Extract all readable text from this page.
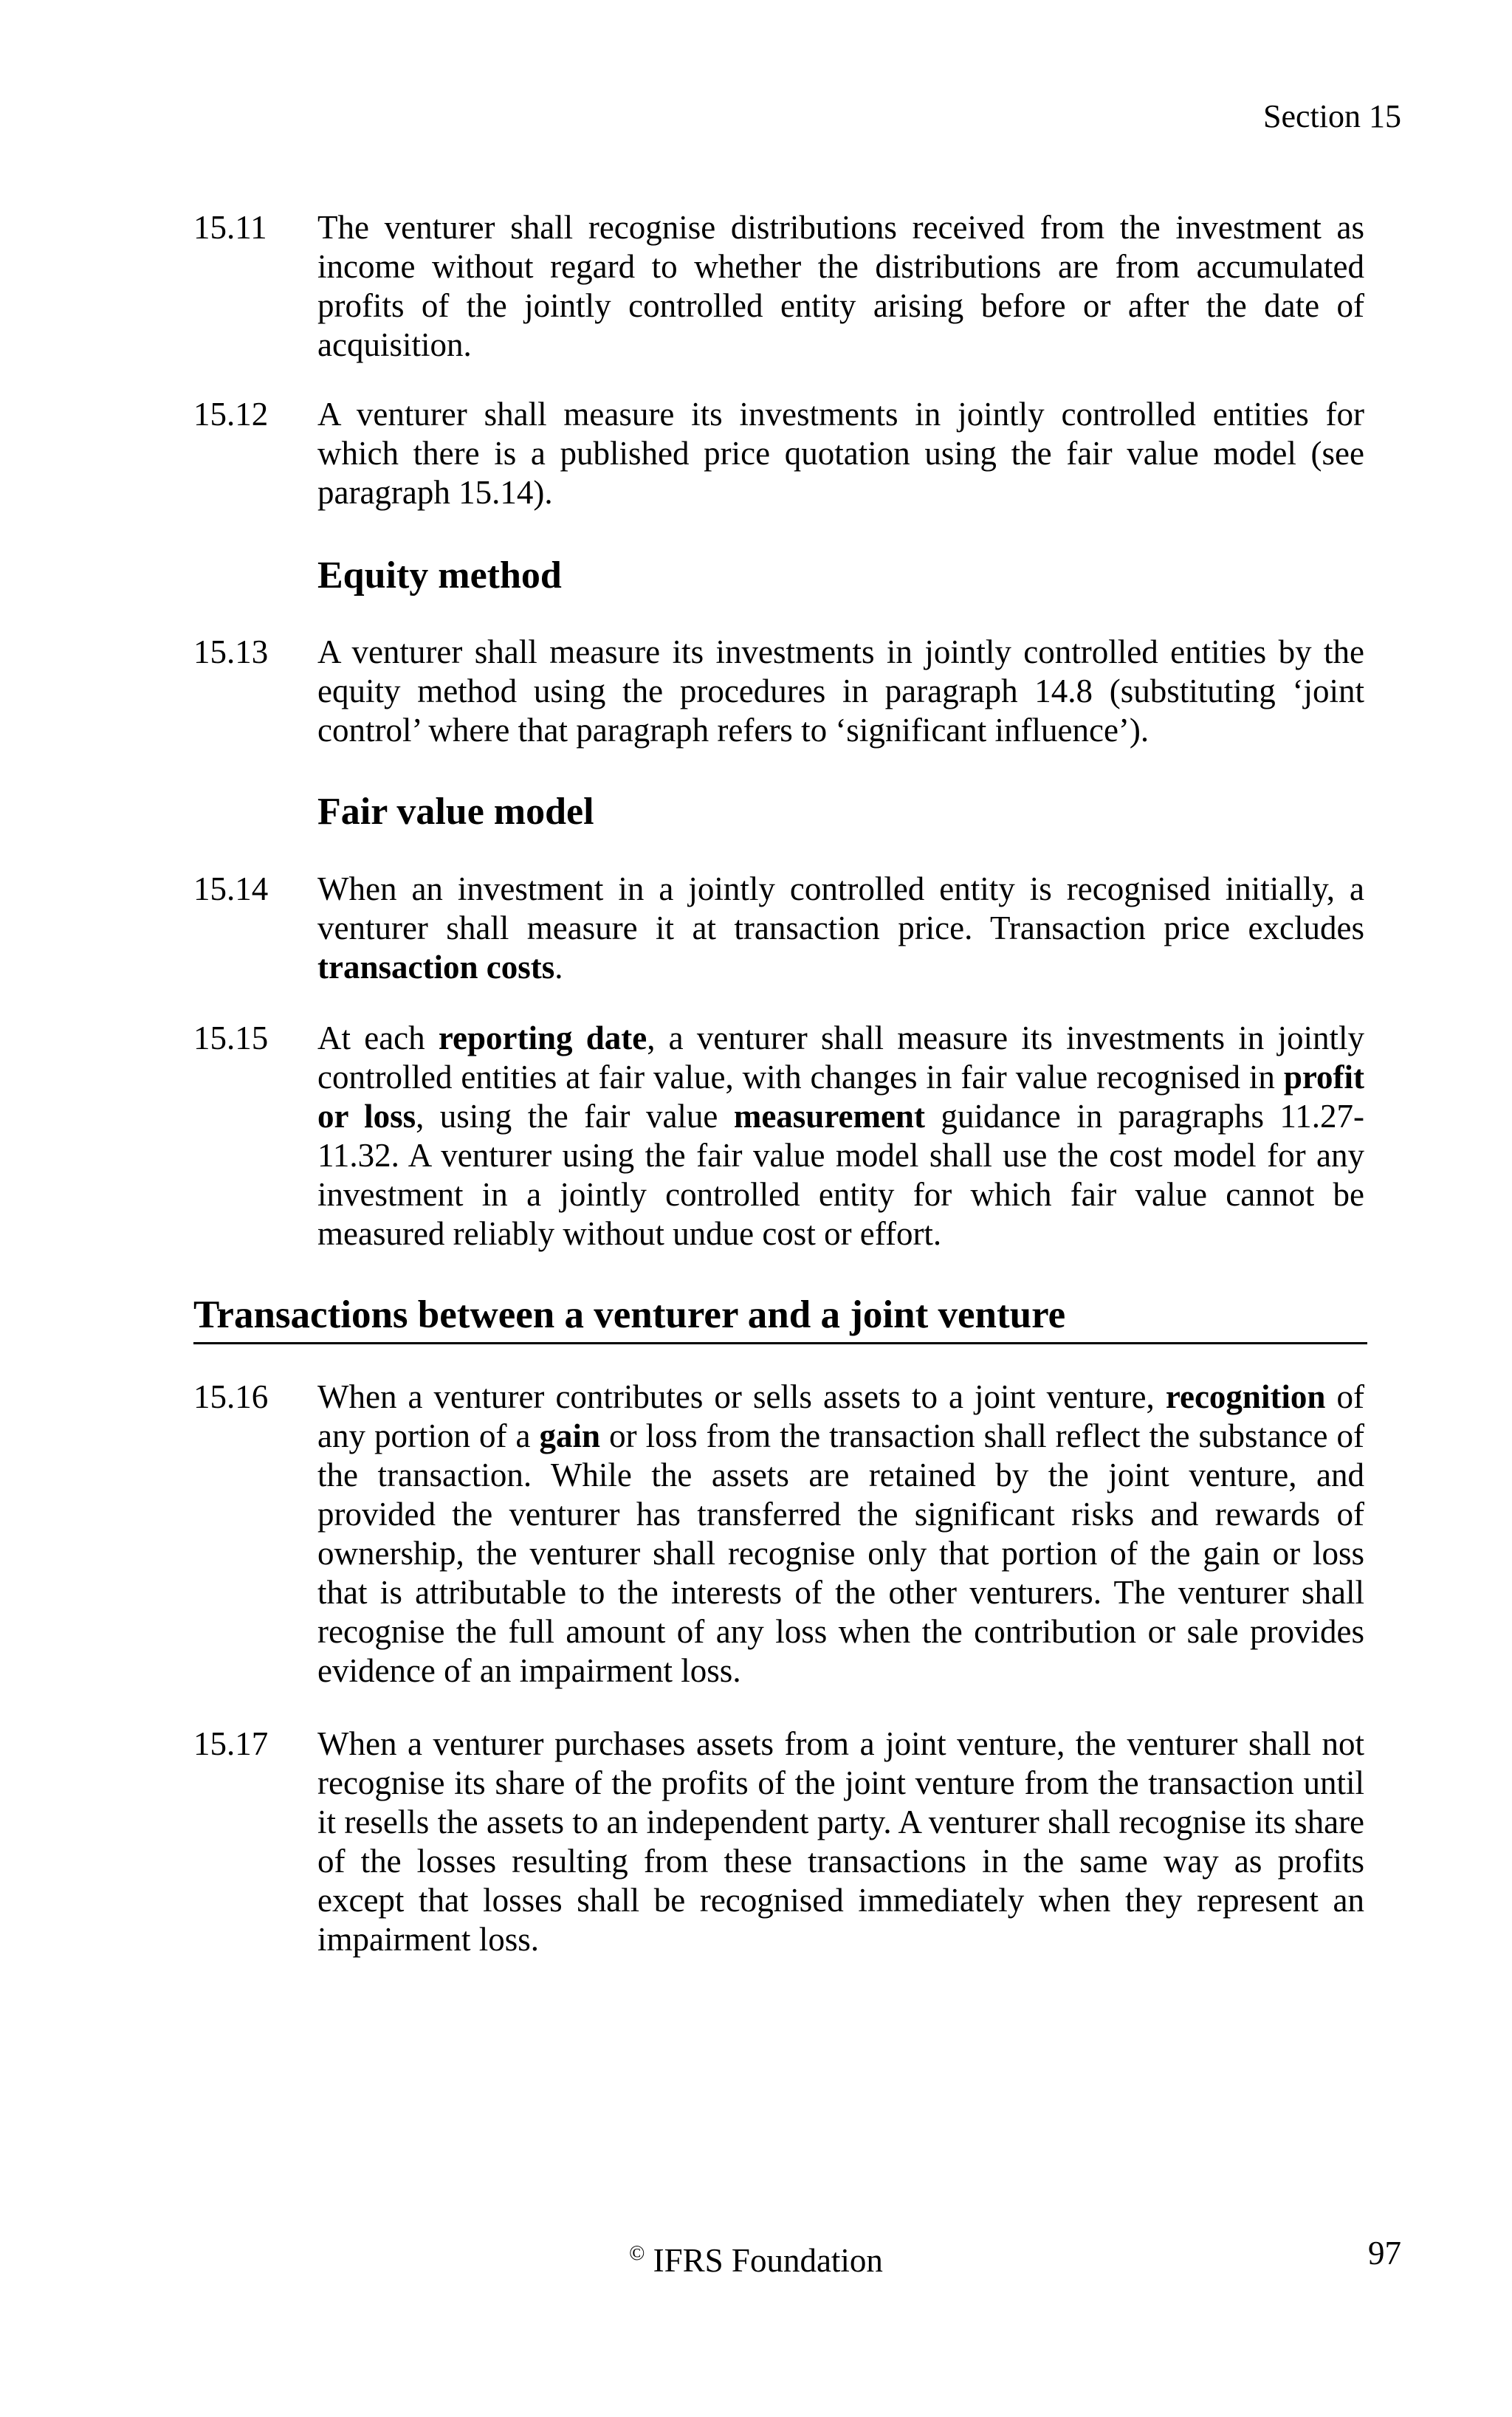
Section 15
15.11 The venturer shall recognise distributions received from the investment as income without regard to whether the distributions are from accumulated profits of the jointly controlled entity arising before or after the date of acquisition.
15.12 A venturer shall measure its investments in jointly controlled entities for which there is a published price quotation using the fair value model (see paragraph 15.14).
Equity method
15.13 A venturer shall measure its investments in jointly controlled entities by the equity method using the procedures in paragraph 14.8 (substituting ‘joint control’ where that paragraph refers to ‘significant influence’).
Fair value model
15.14 When an investment in a jointly controlled entity is recognised initially, a venturer shall measure it at transaction price. Transaction price excludes transaction costs.
15.15 At each reporting date, a venturer shall measure its investments in jointly controlled entities at fair value, with changes in fair value recognised in profit or loss, using the fair value measurement guidance in paragraphs 11.27-11.32. A venturer using the fair value model shall use the cost model for any investment in a jointly controlled entity for which fair value cannot be measured reliably without undue cost or effort.
Transactions between a venturer and a joint venture
15.16 When a venturer contributes or sells assets to a joint venture, recognition of any portion of a gain or loss from the transaction shall reflect the substance of the transaction. While the assets are retained by the joint venture, and provided the venturer has transferred the significant risks and rewards of ownership, the venturer shall recognise only that portion of the gain or loss that is attributable to the interests of the other venturers. The venturer shall recognise the full amount of any loss when the contribution or sale provides evidence of an impairment loss.
15.17 When a venturer purchases assets from a joint venture, the venturer shall not recognise its share of the profits of the joint venture from the transaction until it resells the assets to an independent party. A venturer shall recognise its share of the losses resulting from these transactions in the same way as profits except that losses shall be recognised immediately when they represent an impairment loss.
© IFRS Foundation	97
